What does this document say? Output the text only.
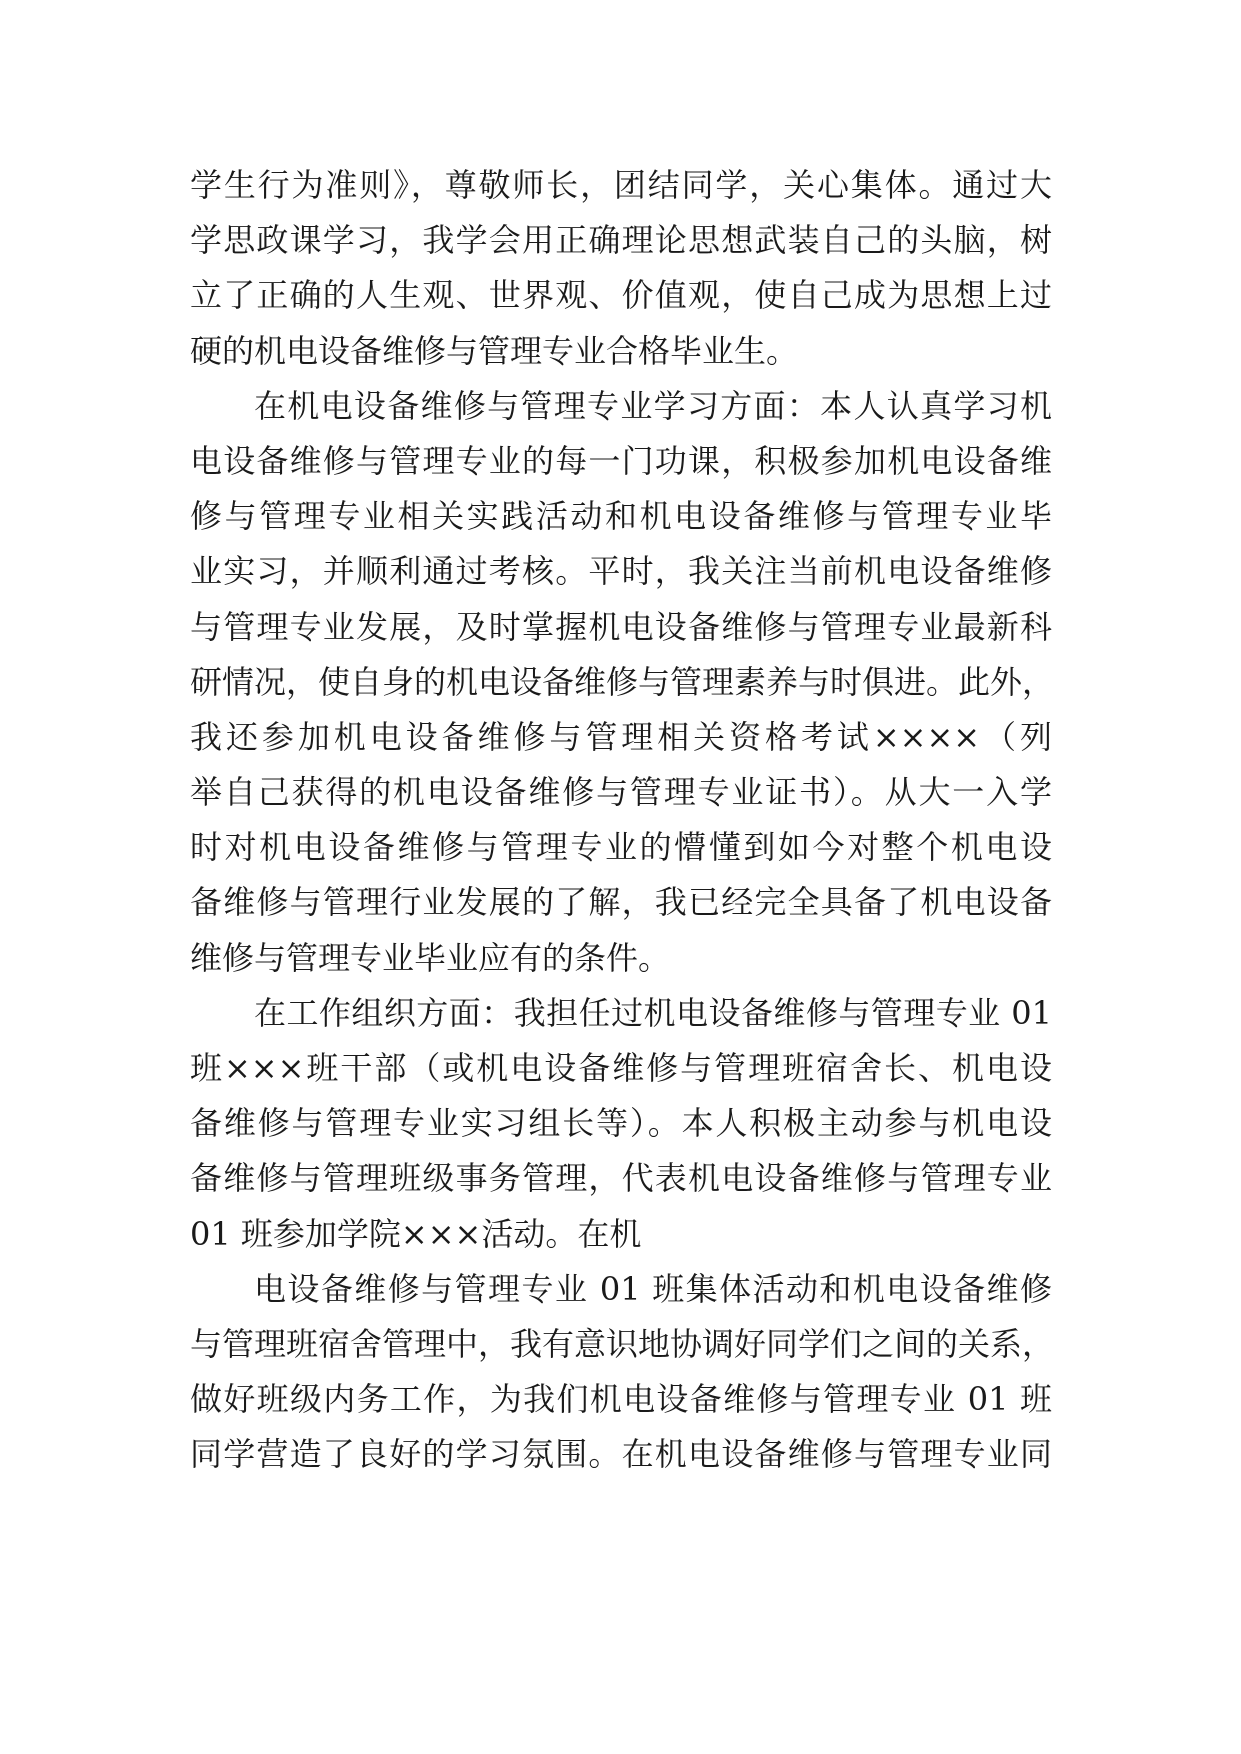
学生行为准则》，尊敬师长，团结同学，关心集体。通过大
学思政课学习，我学会用正确理论思想武装自己的头脑，树
立了正确的人生观、世界观、价值观，使自己成为思想上过
硬的机电设备维修与管理专业合格毕业生。
在机电设备维修与管理专业学习方面：本人认真学习机
电设备维修与管理专业的每一门功课，积极参加机电设备维
修与管理专业相关实践活动和机电设备维修与管理专业毕
业实习，并顺利通过考核。平时，我关注当前机电设备维修
与管理专业发展，及时掌握机电设备维修与管理专业最新科
研情况，使自身的机电设备维修与管理素养与时俱进。此外，
我还参加机电设备维修与管理相关资格考试××××（列
举自己获得的机电设备维修与管理专业证书）。从大一入学
时对机电设备维修与管理专业的懵懂到如今对整个机电设
备维修与管理行业发展的了解，我已经完全具备了机电设备
维修与管理专业毕业应有的条件。
在工作组织方面：我担任过机电设备维修与管理专业 01
班×××班干部（或机电设备维修与管理班宿舍长、机电设
备维修与管理专业实习组长等）。本人积极主动参与机电设
备维修与管理班级事务管理，代表机电设备维修与管理专业
01 班参加学院×××活动。在机
电设备维修与管理专业 01 班集体活动和机电设备维修
与管理班宿舍管理中，我有意识地协调好同学们之间的关系，
做好班级内务工作，为我们机电设备维修与管理专业 01 班
同学营造了良好的学习氛围。在机电设备维修与管理专业同
